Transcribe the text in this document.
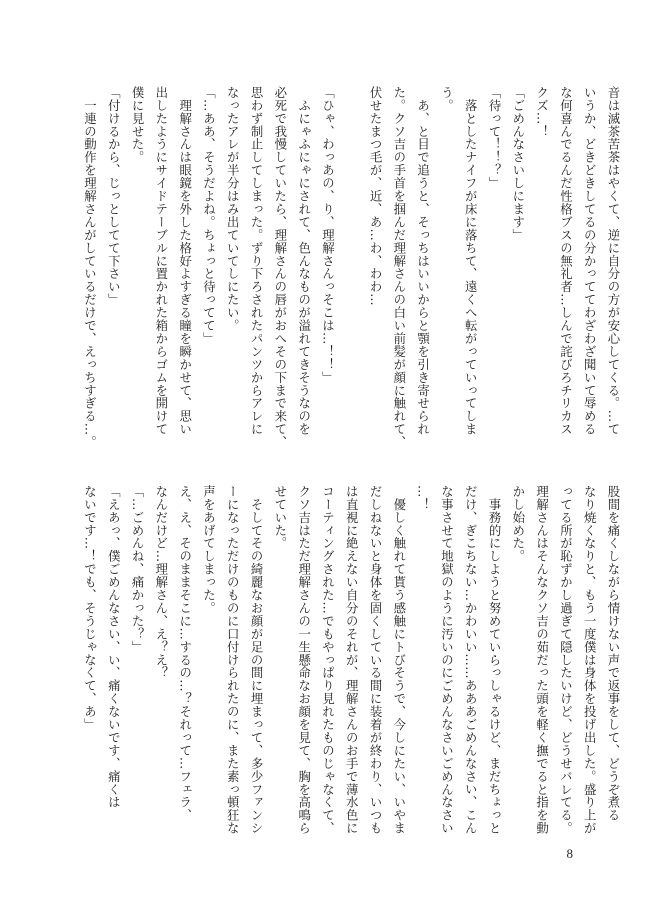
音は滅茶苦茶はやくて、逆に自分の方が安心してくる。…て
いうか、どきどきしてるの分かっててわざわざ聞いて辱める
な何喜んでるんだ性格ブスの無礼者…しんで詫びろチリカス
クズ…！
「ごめんなさいしにます」
「待って！！？」
　落としたナイフが床に落ちて、遠くへ転がっていってしま
う。
　あ、と目で追うと、そっちはいいからと顎を引き寄せられ
た。クソ吉の手首を掴んだ理解さんの白い前髪が顔に触れて、
伏せたまつ毛が、近、あ…わ、わわ…

「ひゃ、わっあの、り、理解さんっそこは…！！」
　ふにゃふにゃにされて、色んなものが溢れてきそうなのを
必死で我慢していたら、理解さんの唇がおへその下まで来て、
思わず制止してしまった。ずり下ろされたパンツからアレに
なったアレが半分はみ出ていてしにたい。
「…ああ、そうだよね。ちょっと待ってて」
　理解さんは眼鏡を外した格好よすぎる瞳を瞬かせて、思い
出したようにサイドテーブルに置かれた箱からゴムを開けて
僕に見せた。
「付けるから、じっとしてて下さい」
　一連の動作を理解さんがしているだけで、えっちすぎる…。
股間を痛くしながら情けない声で返事をして、どうぞ煮る
なり焼くなりと、もう一度僕は身体を投げ出した。盛り上が
ってる所が恥ずかし過ぎて隠したいけど、どうせバレてる。
理解さんはそんなクソ吉の茹だった頭を軽く撫でると指を動
かし始めた。
　事務的にしようと努めていらっしゃるけど、まだちょっと
だけ、ぎこちない…かわいい……あああごめんなさい、こん
な事させて地獄のように汚いのにごめんなさいごめんなさい
…！
　優しく触れて貰う感触にトびそうで、今しにたい、いやま
だしねないと身体を固くしている間に装着が終わり、いつも
は直視に絶えない自分のそれが、理解さんのお手で薄水色に
コーティングされた…でもやっぱり見れたものじゃなくて、
クソ吉はただ理解さんの一生懸命なお顔を見て、胸を高鳴ら
せていた。
　そしてその綺麗なお顔が足の間に埋まって、多少ファンシ
ーになっただけのものに口付けられたのに、また素っ頓狂な
声をあげてしまった。
え、え、そのままそこに…するの…？それって…フェラ、
なんだけど…理解さん、え？え？
「…ごめんね、痛かった？」
「えあっ、僕ごめんなさい、い、痛くないです、痛くは
ないです…！でも、そうじゃなくて、あ」
8
